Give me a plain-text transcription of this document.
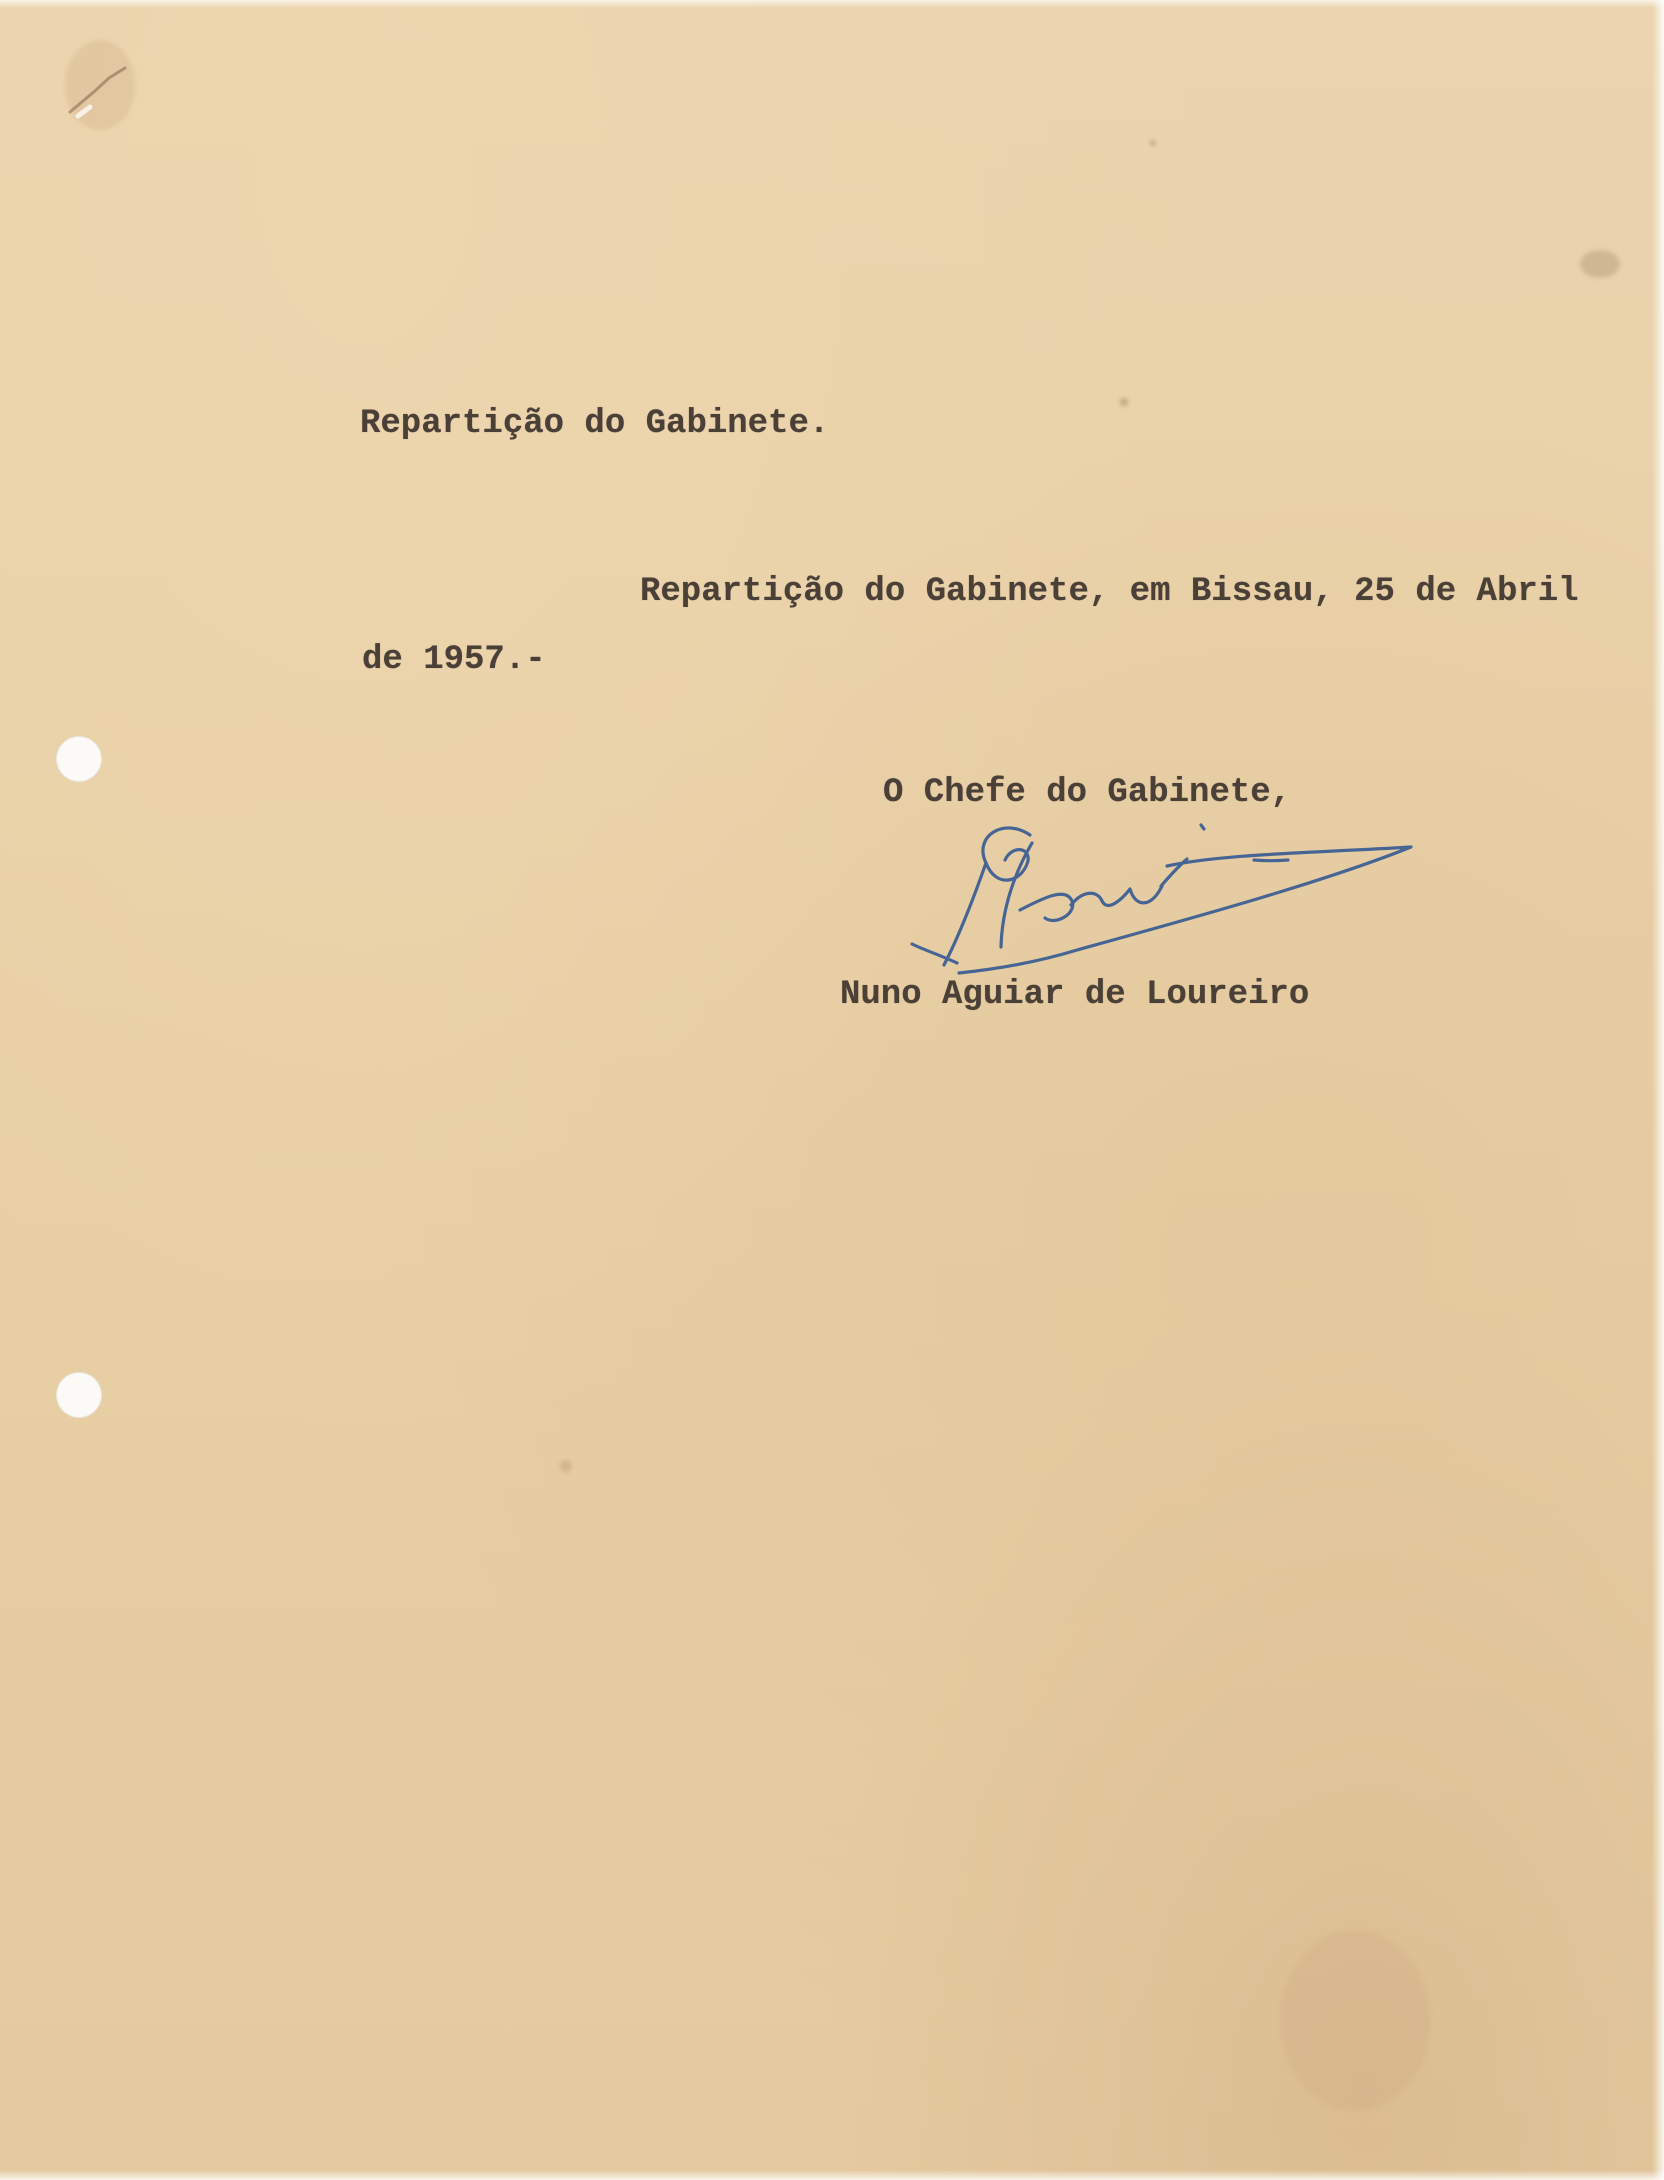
Repartição do Gabinete.

Repartição do Gabinete, em Bissau, 25 de Abril

de 1957.-

O Chefe do Gabinete,

Nuno Aguiar de Loureiro
